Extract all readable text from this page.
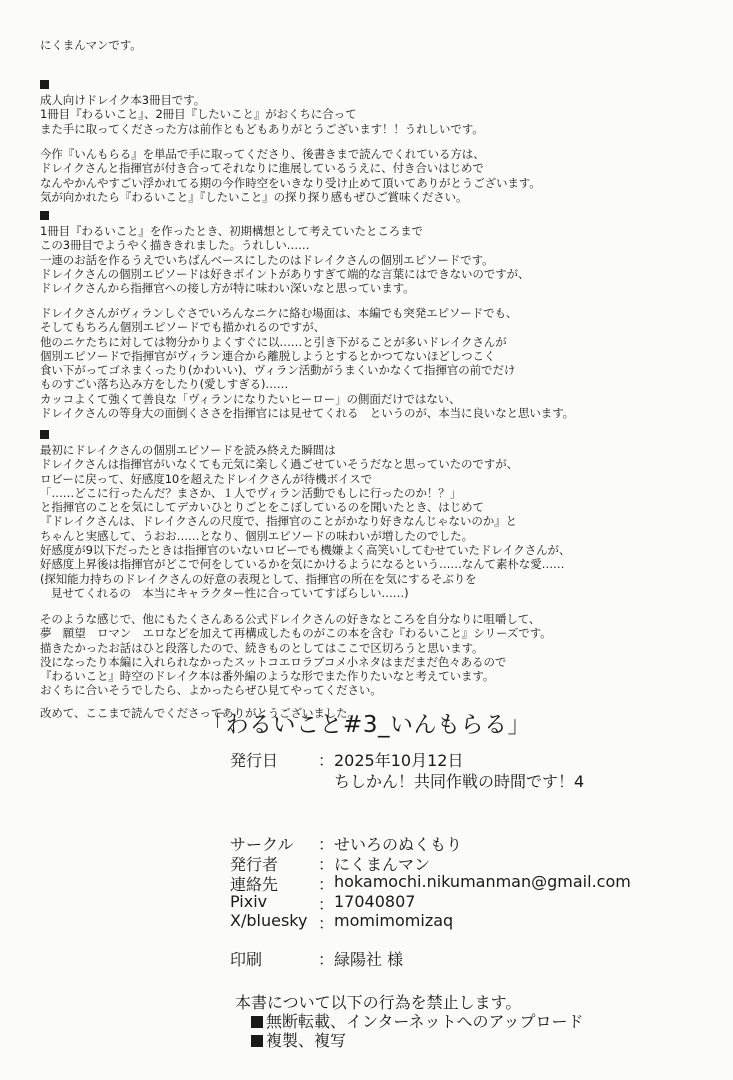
にくまんマンです。
成人向けドレイク本3冊目です。
1冊目『わるいこと』、2冊目『したいこと』がおくちに合って
また手に取ってくださった方は前作ともどもありがとうございます！！うれしいです。
今作『いんもらる』を単品で手に取ってくださり、後書きまで読んでくれている方は、
ドレイクさんと指揮官が付き合ってそれなりに進展しているうえに、付き合いはじめで
なんやかんやすごい浮かれてる期の今作時空をいきなり受け止めて頂いてありがとうございます。
気が向かれたら『わるいこと』『したいこと』の探り探り感もぜひご賞味ください。
1冊目『わるいこと』を作ったとき、初期構想として考えていたところまで
この3冊目でようやく描ききれました。うれしい……
一連のお話を作るうえでいちばんベースにしたのはドレイクさんの個別エピソードです。
ドレイクさんの個別エピソードは好きポイントがありすぎて端的な言葉にはできないのですが、
ドレイクさんから指揮官への接し方が特に味わい深いなと思っています。
ドレイクさんがヴィランしぐさでいろんなニケに絡む場面は、本編でも突発エピソードでも、
そしてもちろん個別エピソードでも描かれるのですが、
他のニケたちに対しては物分かりよくすぐに以……と引き下がることが多いドレイクさんが
個別エピソードで指揮官がヴィラン連合から離脱しようとするとかつてないほどしつこく
食い下がってゴネまくったり(かわいい)、ヴィラン活動がうまくいかなくて指揮官の前でだけ
ものすごい落ち込み方をしたり(愛しすぎる)……
カッコよくて強くて善良な「ヴィランになりたいヒーロー」の側面だけではない、
ドレイクさんの等身大の面倒くささを指揮官には見せてくれる　というのが、本当に良いなと思います。
最初にドレイクさんの個別エピソードを読み終えた瞬間は
ドレイクさんは指揮官がいなくても元気に楽しく過ごせていそうだなと思っていたのですが、
ロビーに戻って、好感度10を超えたドレイクさんが待機ボイスで
「……どこに行ったんだ？まさか、１人でヴィラン活動でもしに行ったのか！？」
と指揮官のことを気にしてデカいひとりごとをこぼしているのを聞いたとき、はじめて
『ドレイクさんは、ドレイクさんの尺度で、指揮官のことがかなり好きなんじゃないのか』と
ちゃんと実感して、うおお……となり、個別エピソードの味わいが増したのでした。
好感度が9以下だったときは指揮官のいないロビーでも機嫌よく高笑いしてむせていたドレイクさんが、
好感度上昇後は指揮官がどこで何をしているかを気にかけるようになるという……なんて素朴な愛……
(探知能力持ちのドレイクさんの好意の表現として、指揮官の所在を気にするそぶりを
見せてくれるの　本当にキャラクター性に合っていてすばらしい……)
そのような感じで、他にもたくさんある公式ドレイクさんの好きなところを自分なりに咀嚼して、
夢　願望　ロマン　エロなどを加えて再構成したものがこの本を含む『わるいこと』シリーズです。
描きたかったお話はひと段落したので、続きものとしてはここで区切ろうと思います。
没になったり本編に入れられなかったスットコエロラブコメ小ネタはまだまだ色々あるので
『わるいこと』時空のドレイク本は番外編のような形でまた作りたいなと考えています。
おくちに合いそうでしたら、よかったらぜひ見てやってください。
改めて、ここまで読んでくださってありがとうございました。
「わるいこと#3_いんもらる」
発行日 ： 2025年10月12日
ちしかん！共同作戦の時間です！4
サークル ： せいろのぬくもり
発行者 ： にくまんマン
連絡先 ： hokamochi.nikumanman@gmail.com
Pixiv	： 17040807
X/bluesky ： momimomizaq
印刷	： 緑陽社 様
本書について以下の行為を禁止します。
無断転載、インターネットへのアップロード
複製、複写
